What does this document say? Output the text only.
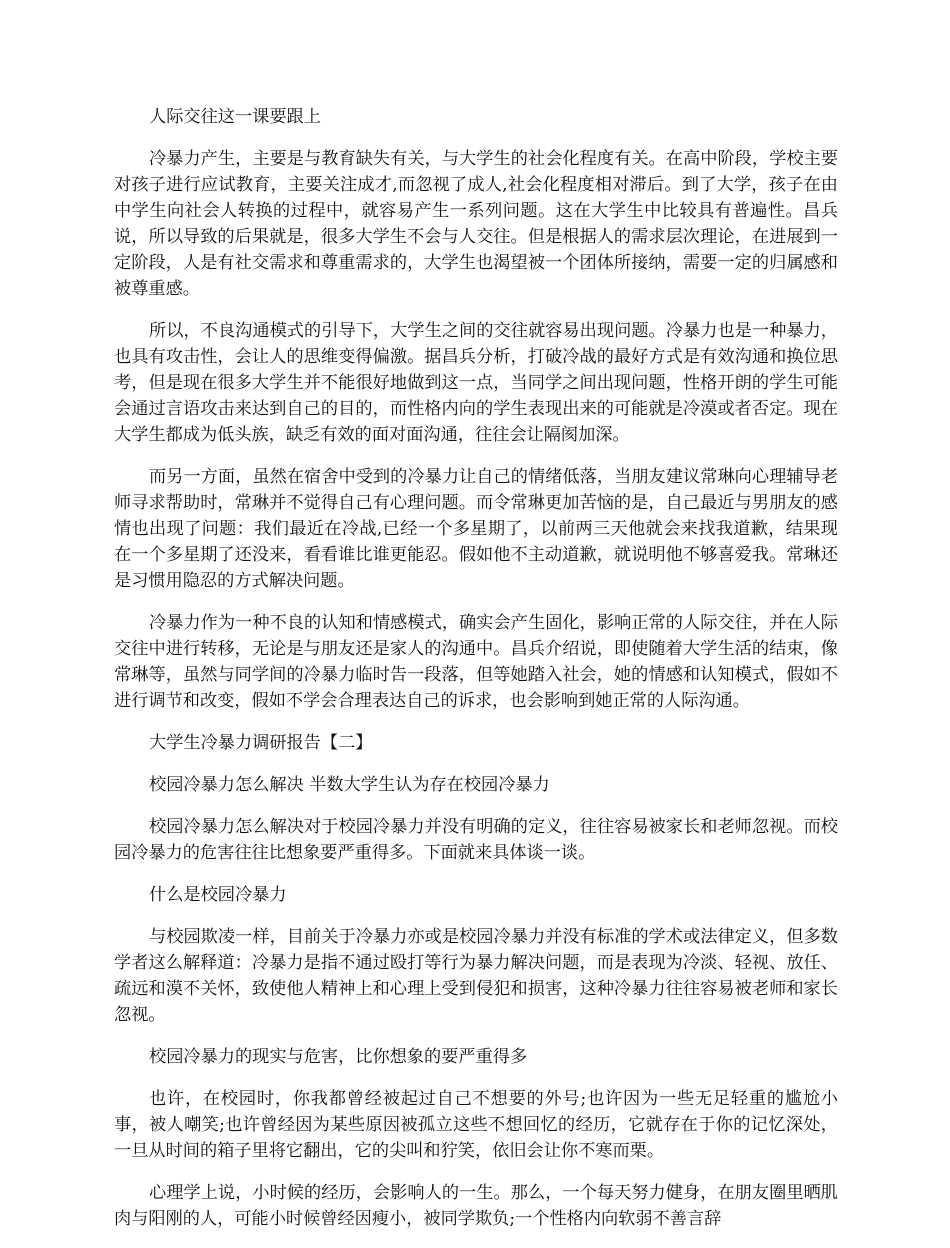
人际交往这一课要跟上

冷暴力产生，主要是与教育缺失有关，与大学生的社会化程度有关。在高中阶段，学校主要对孩子进行应试教育，主要关注成才,而忽视了成人,社会化程度相对滞后。到了大学，孩子在由中学生向社会人转换的过程中，就容易产生一系列问题。这在大学生中比较具有普遍性。昌兵说，所以导致的后果就是，很多大学生不会与人交往。但是根据人的需求层次理论，在进展到一定阶段，人是有社交需求和尊重需求的，大学生也渴望被一个团体所接纳，需要一定的归属感和被尊重感。

所以，不良沟通模式的引导下，大学生之间的交往就容易出现问题。冷暴力也是一种暴力，也具有攻击性，会让人的思维变得偏激。据昌兵分析，打破冷战的最好方式是有效沟通和换位思考，但是现在很多大学生并不能很好地做到这一点，当同学之间出现问题，性格开朗的学生可能会通过言语攻击来达到自己的目的，而性格内向的学生表现出来的可能就是冷漠或者否定。现在大学生都成为低头族，缺乏有效的面对面沟通，往往会让隔阂加深。

而另一方面，虽然在宿舍中受到的冷暴力让自己的情绪低落，当朋友建议常琳向心理辅导老师寻求帮助时，常琳并不觉得自己有心理问题。而令常琳更加苦恼的是，自己最近与男朋友的感情也出现了问题：我们最近在冷战,已经一个多星期了，以前两三天他就会来找我道歉，结果现在一个多星期了还没来，看看谁比谁更能忍。假如他不主动道歉，就说明他不够喜爱我。常琳还是习惯用隐忍的方式解决问题。

冷暴力作为一种不良的认知和情感模式，确实会产生固化，影响正常的人际交往，并在人际交往中进行转移，无论是与朋友还是家人的沟通中。昌兵介绍说，即使随着大学生活的结束，像常琳等，虽然与同学间的冷暴力临时告一段落，但等她踏入社会，她的情感和认知模式，假如不进行调节和改变，假如不学会合理表达自己的诉求，也会影响到她正常的人际沟通。

大学生冷暴力调研报告【二】

校园冷暴力怎么解决 半数大学生认为存在校园冷暴力

校园冷暴力怎么解决对于校园冷暴力并没有明确的定义，往往容易被家长和老师忽视。而校园冷暴力的危害往往比想象要严重得多。下面就来具体谈一谈。

什么是校园冷暴力

与校园欺凌一样，目前关于冷暴力亦或是校园冷暴力并没有标准的学术或法律定义，但多数学者这么解释道：冷暴力是指不通过殴打等行为暴力解决问题，而是表现为冷淡、轻视、放任、疏远和漠不关怀，致使他人精神上和心理上受到侵犯和损害，这种冷暴力往往容易被老师和家长忽视。

校园冷暴力的现实与危害，比你想象的要严重得多

也许，在校园时，你我都曾经被起过自己不想要的外号;也许因为一些无足轻重的尴尬小事，被人嘲笑;也许曾经因为某些原因被孤立这些不想回忆的经历，它就存在于你的记忆深处，一旦从时间的箱子里将它翻出，它的尖叫和狞笑，依旧会让你不寒而栗。

心理学上说，小时候的经历，会影响人的一生。那么，一个每天努力健身，在朋友圈里晒肌肉与阳刚的人，可能小时候曾经因瘦小，被同学欺负;一个性格内向软弱不善言辞
